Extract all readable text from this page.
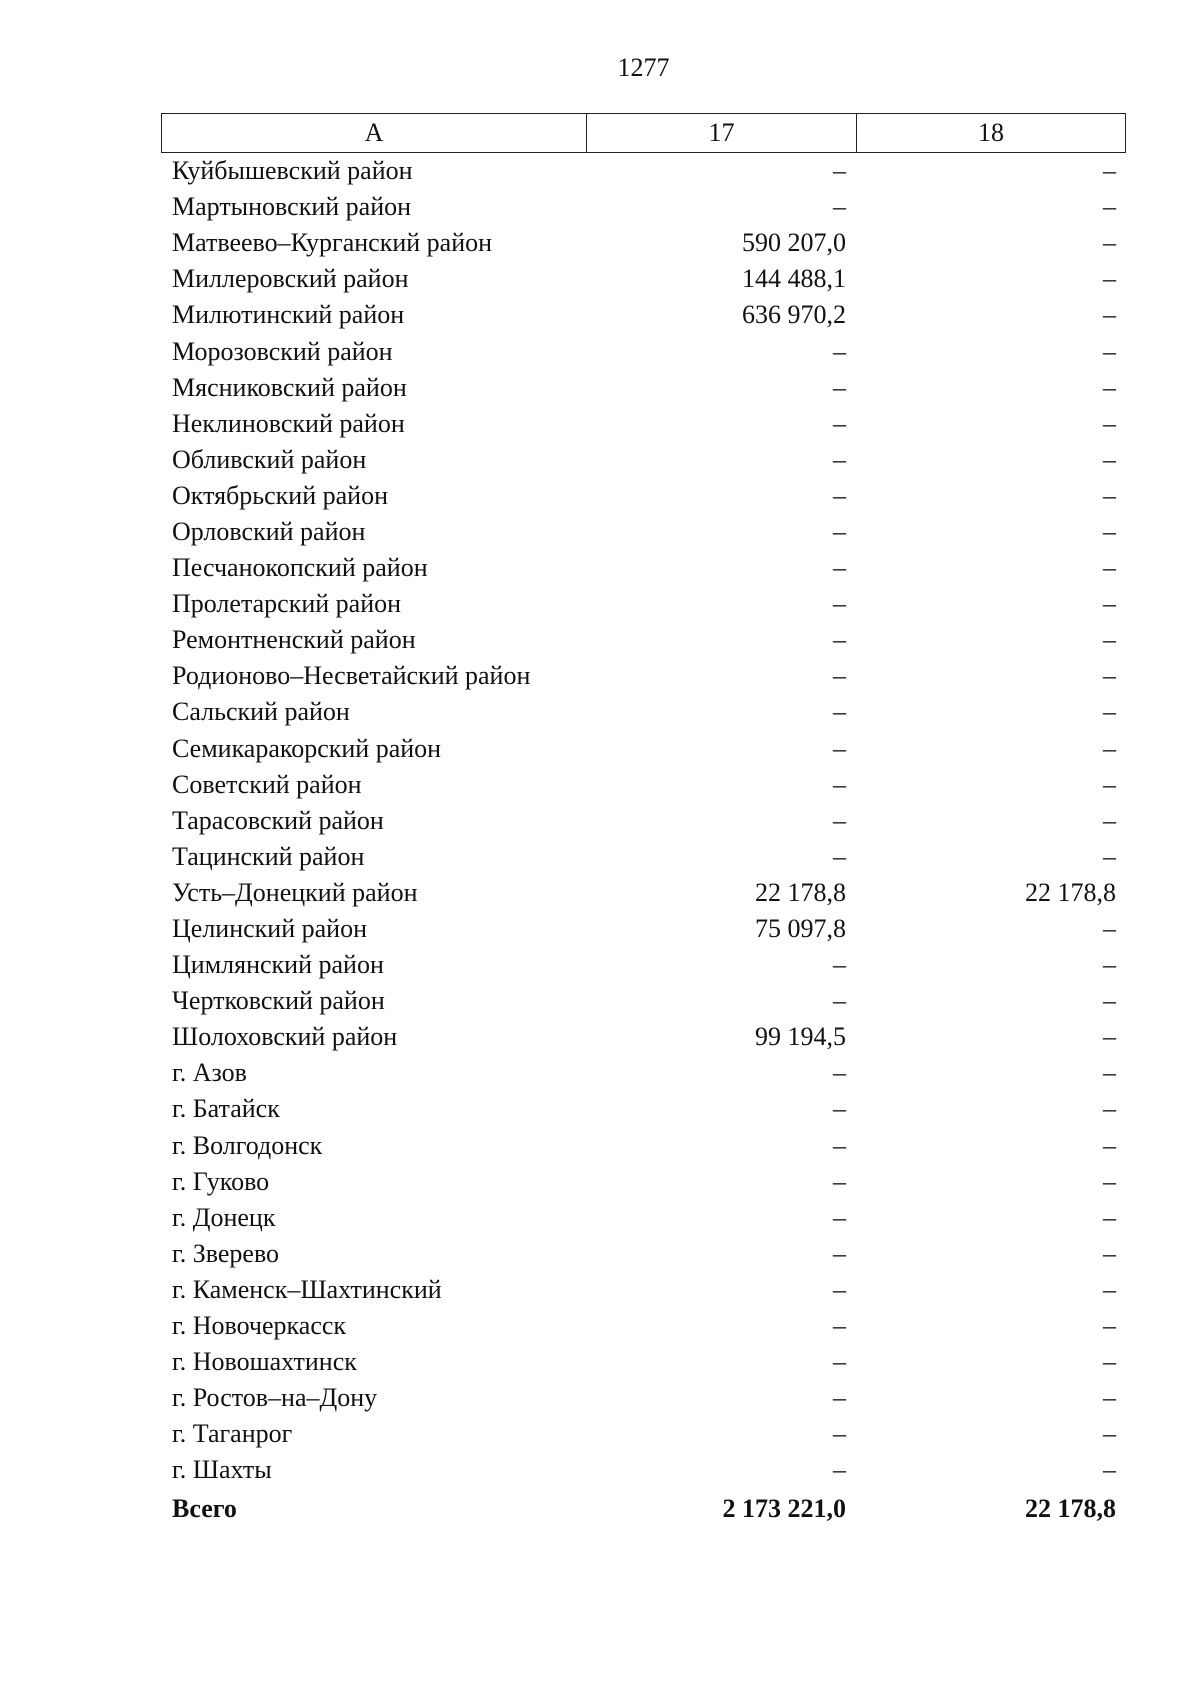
1277
А	17	18
Куйбышевский район	–	–
Мартыновский район	–	–
Матвеево–Курганский район	590 207,0	–
Миллеровский район	144 488,1	–
Милютинский район	636 970,2	–
Морозовский район	–	–
Мясниковский район	–	–
Неклиновский район	–	–
Обливский район	–	–
Октябрьский район	–	–
Орловский район	–	–
Песчанокопский район	–	–
Пролетарский район	–	–
Ремонтненский район	–	–
Родионово–Несветайский район	–	–
Сальский район	–	–
Семикаракорский район	–	–
Советский район	–	–
Тарасовский район	–	–
Тацинский район	–	–
Усть–Донецкий район	22 178,8	22 178,8
Целинский район	75 097,8	–
Цимлянский район	–	–
Чертковский район	–	–
Шолоховский район	99 194,5	–
г. Азов	–	–
г. Батайск	–	–
г. Волгодонск	–	–
г. Гуково	–	–
г. Донецк	–	–
г. Зверево	–	–
г. Каменск–Шахтинский	–	–
г. Новочеркасск	–	–
г. Новошахтинск	–	–
г. Ростов–на–Дону	–	–
г. Таганрог	–	–
г. Шахты	–	–
Всего	2 173 221,0	22 178,8
